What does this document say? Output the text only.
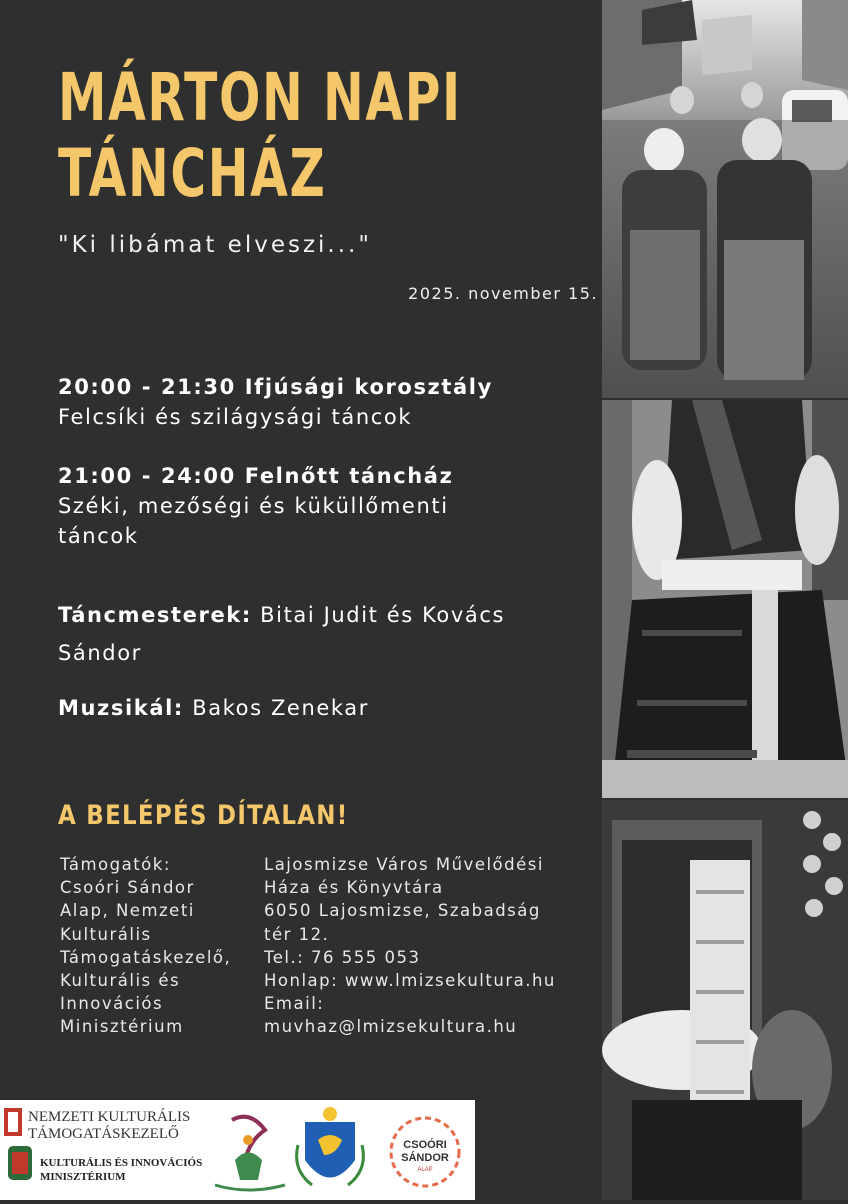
MÁRTON NAPI
TÁNCHÁZ
"Ki libámat elveszi..."
2025. november 15.
20:00 - 21:30 Ifjúsági korosztály
Felcsíki és szilágysági táncok
21:00 - 24:00 Felnőtt táncház
Széki, mezőségi és küküllőmenti
táncok
Táncmesterek: Bitai Judit és Kovács
Sándor
Muzsikál: Bakos Zenekar
A BELÉPÉS DÍTALAN!
Támogatók:
Csoóri Sándor
Alap, Nemzeti
Kulturális
Támogatáskezelő,
Kulturális és
Innovációs
Minisztérium
Lajosmizse Város Művelődési
Háza és Könyvtára
6050 Lajosmizse, Szabadság
tér 12.
Tel.: 76 555 053
Honlap: www.lmizsekultura.hu
Email:
muvhaz@lmizsekultura.hu
NEMZETI KULTURÁLIS
TÁMOGATÁSKEZELŐ
KULTURÁLIS ÉS INNOVÁCIÓS
MINISZTÉRIUM
CSOÓRI
SÁNDOR
ALAP
